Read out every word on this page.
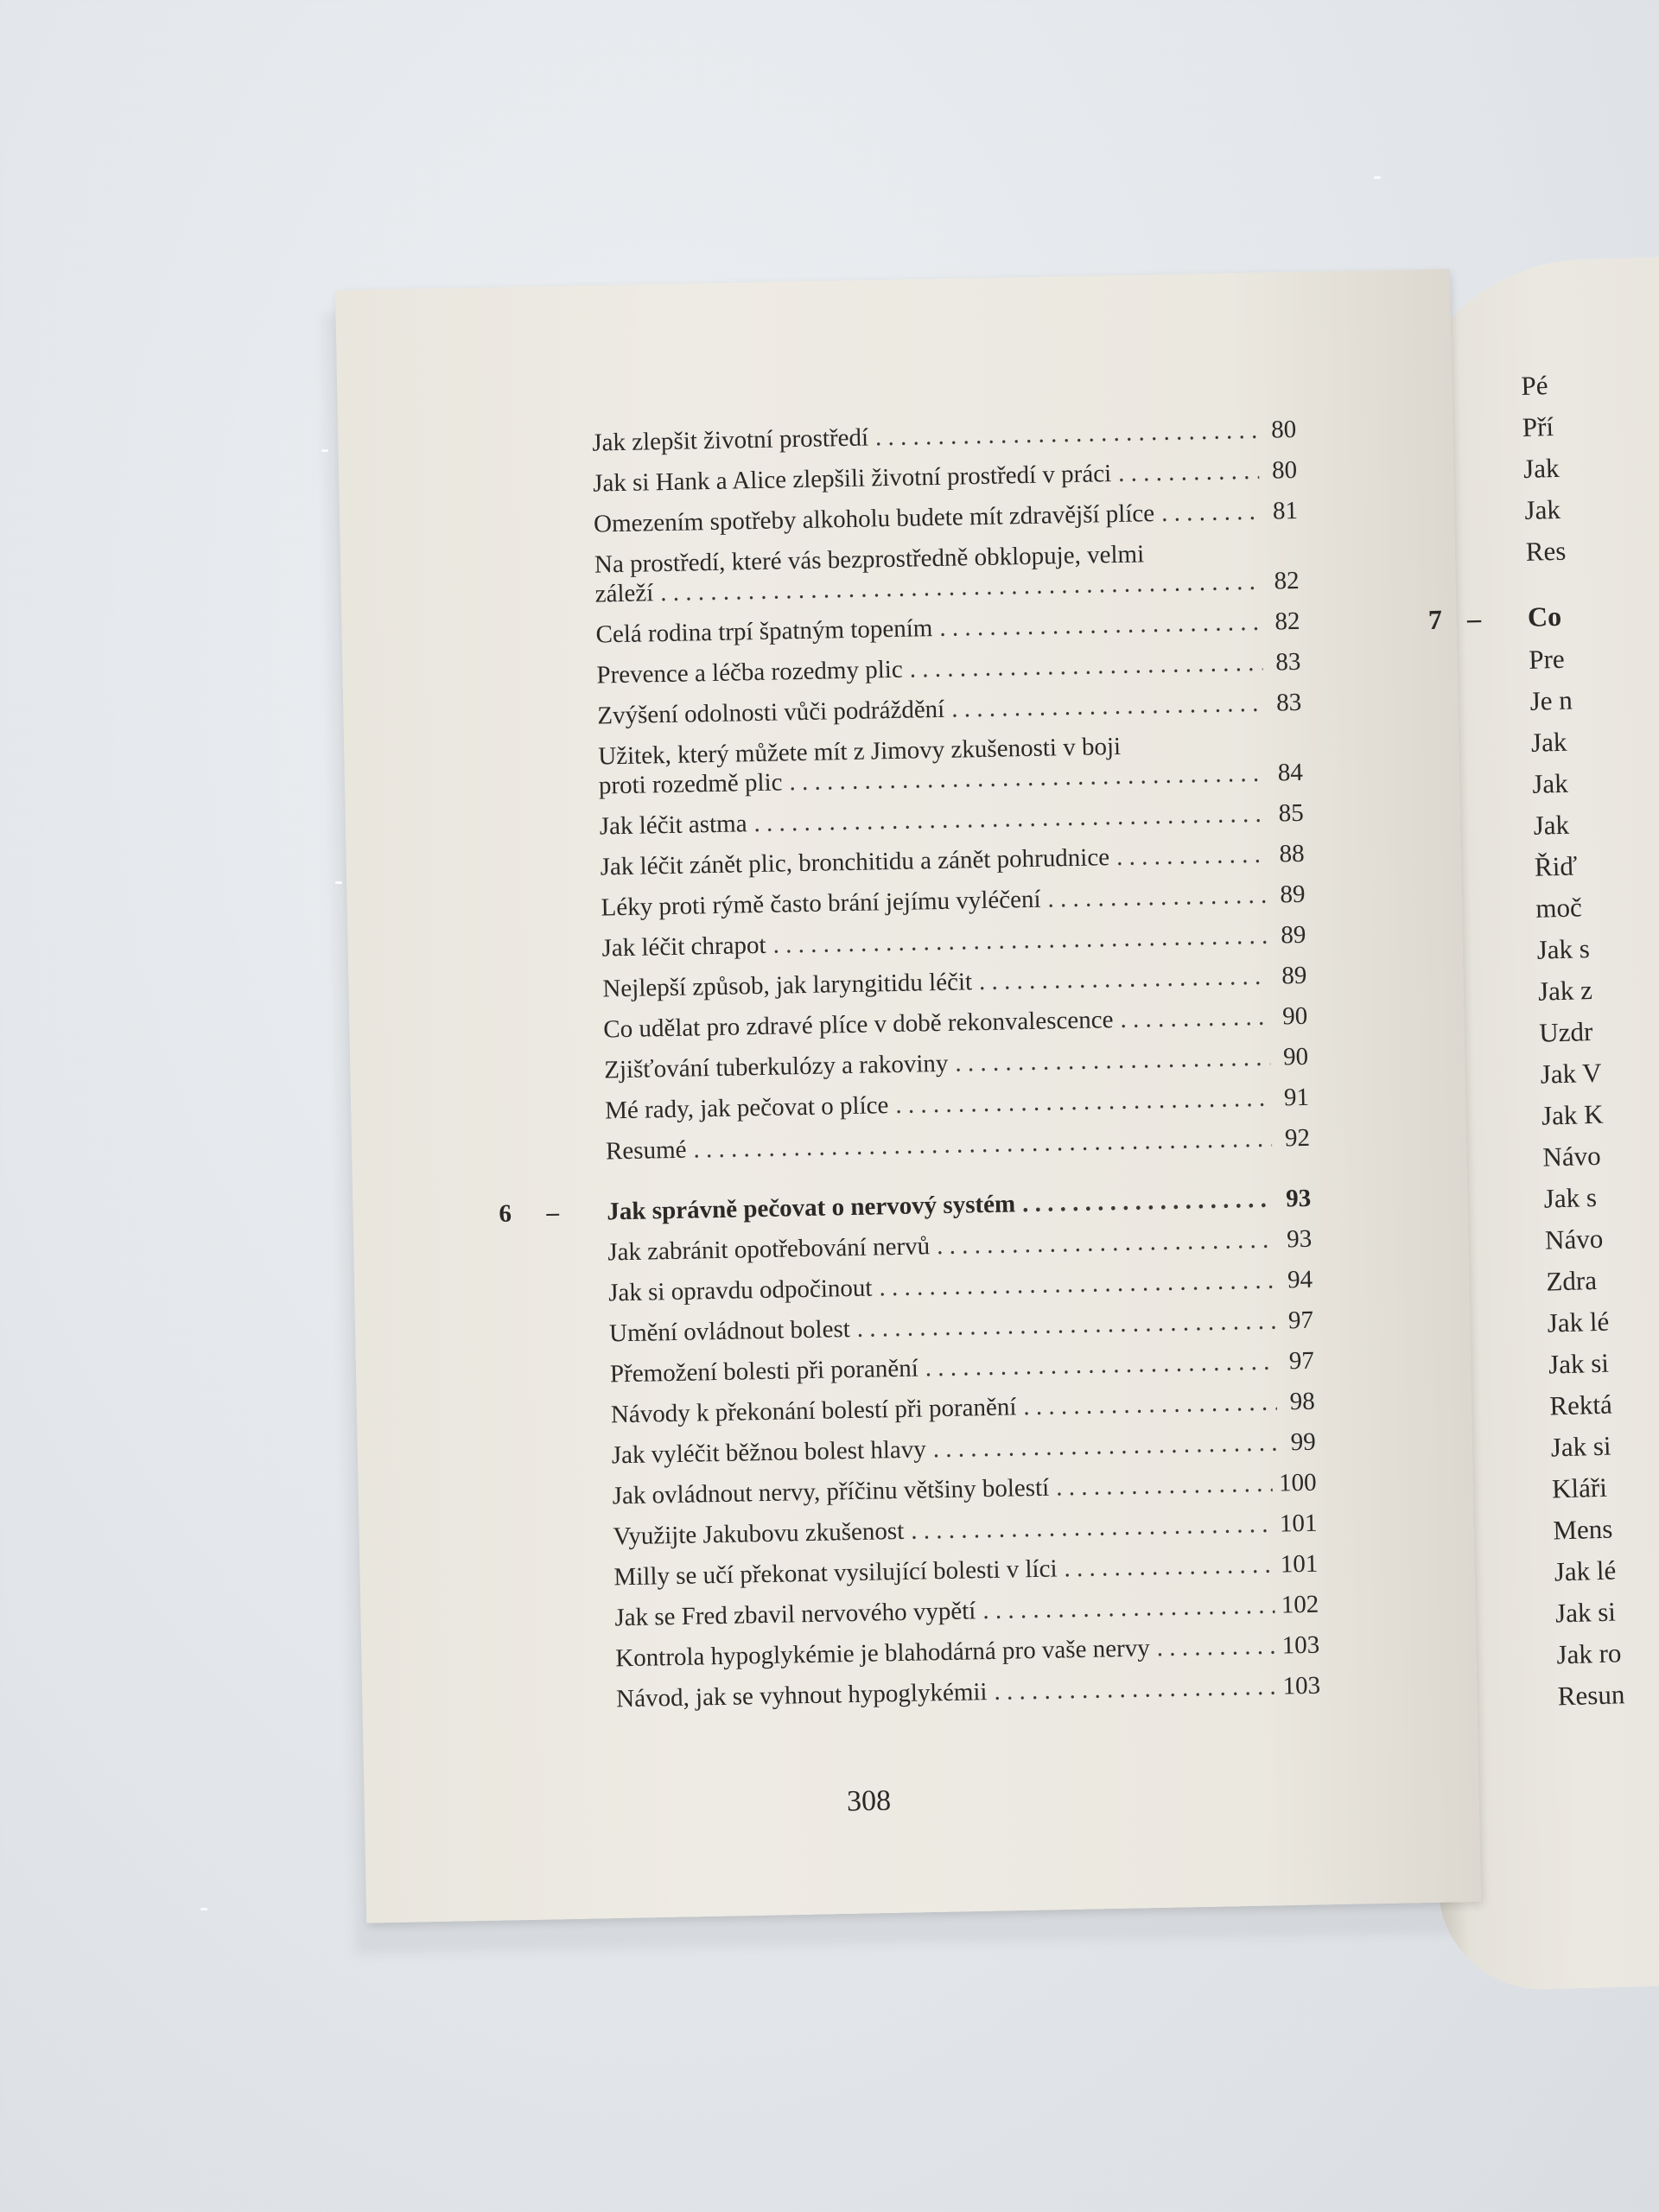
Jak zlepšit životní prostředí . . .	80
Jak si Hank a Alice zlepšili životní prostředí v práci . . .	80
Omezením spotřeby alkoholu budete mít zdravější plíce . . .	81
Na prostředí, které vás bezprostředně obklopuje, velmi
záleží . . .	82
Celá rodina trpí špatným topením . . .	82
Prevence a léčba rozedmy plic . . .	83
Zvýšení odolnosti vůči podráždění . . .	83
Užitek, který můžete mít z Jimovy zkušenosti v boji
proti rozedmě plic . . .	84
Jak léčit astma . . .	85
Jak léčit zánět plic, bronchitidu a zánět pohrudnice . . .	88
Léky proti rýmě často brání jejímu vyléčení . . .	89
Jak léčit chrapot . . .	89
Nejlepší způsob, jak laryngitidu léčit . . .	89
Co udělat pro zdravé plíce v době rekonvalescence . . .	90
Zjišťování tuberkulózy a rakoviny . . .	90
Mé rady, jak pečovat o plíce . . .	91
Resumé . . .	92
6 – Jak správně pečovat o nervový systém . . .	93
Jak zabránit opotřebování nervů . . .	93
Jak si opravdu odpočinout . . .	94
Umění ovládnout bolest . . .	97
Přemožení bolesti při poranění . . .	97
Návody k překonání bolestí při poranění . . .	98
Jak vyléčit běžnou bolest hlavy . . .	99
Jak ovládnout nervy, příčinu většiny bolestí . . .	100
Využijte Jakubovu zkušenost . . .	101
Milly se učí překonat vysilující bolesti v líci . . .	101
Jak se Fred zbavil nervového vypětí . . .	102
Kontrola hypoglykémie je blahodárná pro vaše nervy . . .	103
Návod, jak se vyhnout hypoglykémii . . .	103
308
Pé
Pří
Jak
Jak
Res
7 – Co
Pre
Je n
Jak
Jak
Jak
Řiď
moč
Jak s
Jak z
Uzdr
Jak V
Jak K
Návo
Jak s
Návo
Zdra
Jak lé
Jak si
Rektá
Jak si
Kláři
Mens
Jak lé
Jak si
Jak ro
Resun
